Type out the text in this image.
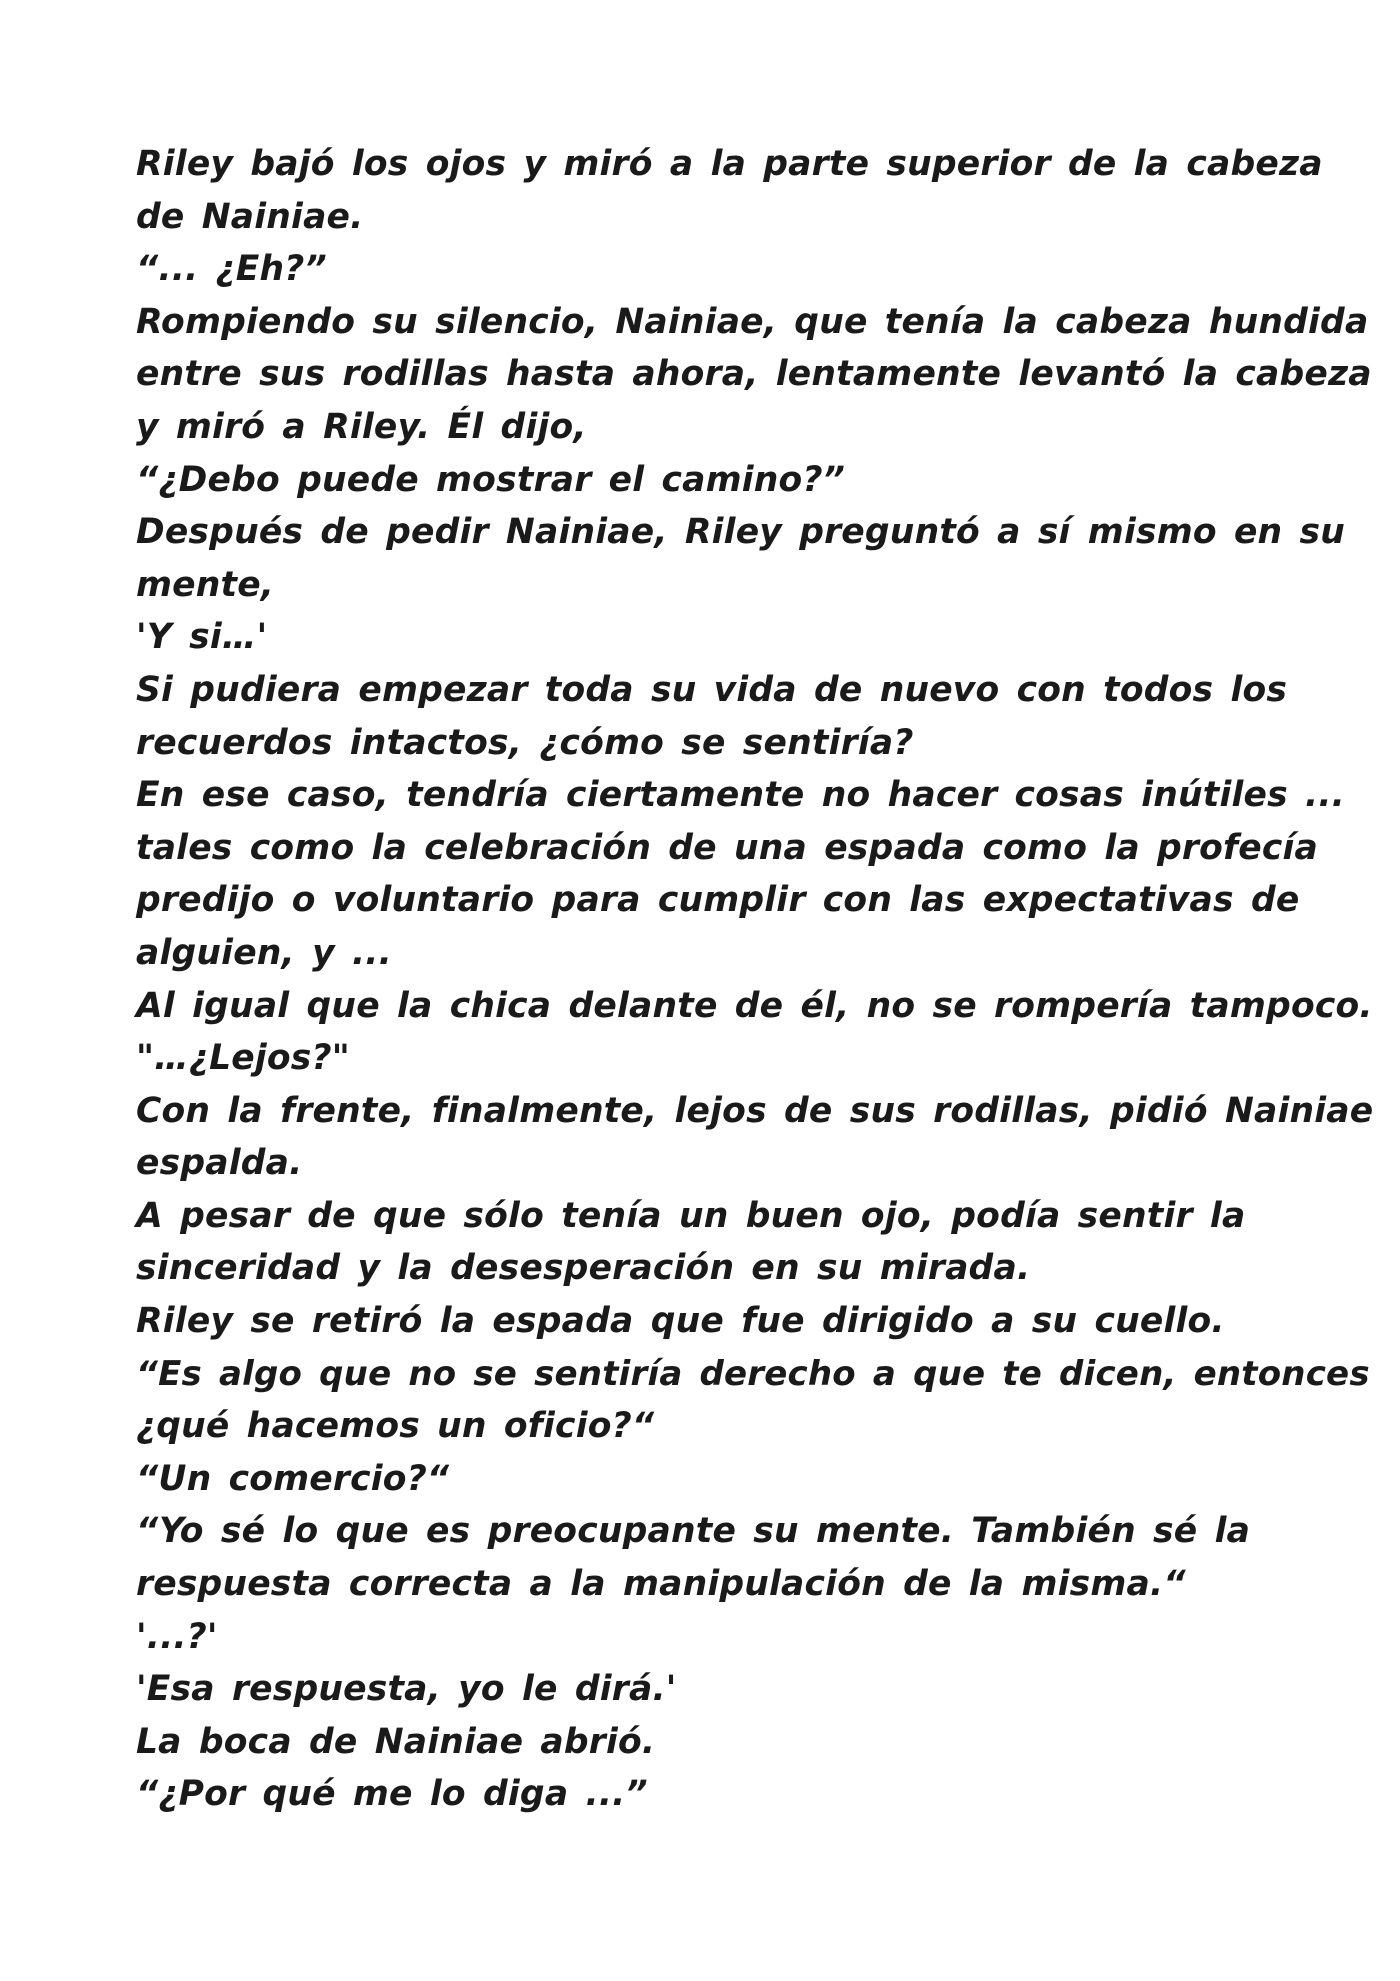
Riley bajó los ojos y miró a la parte superior de la cabeza
de Nainiae.
“... ¿Eh?”
Rompiendo su silencio, Nainiae, que tenía la cabeza hundida
entre sus rodillas hasta ahora, lentamente levantó la cabeza
y miró a Riley. Él dijo,
“¿Debo puede mostrar el camino?”
Después de pedir Nainiae, Riley preguntó a sí mismo en su
mente,
'Y si…'
Si pudiera empezar toda su vida de nuevo con todos los
recuerdos intactos, ¿cómo se sentiría?
En ese caso, tendría ciertamente no hacer cosas inútiles ...
tales como la celebración de una espada como la profecía
predijo o voluntario para cumplir con las expectativas de
alguien, y ...
Al igual que la chica delante de él, no se rompería tampoco.
"…¿Lejos?"
Con la frente, finalmente, lejos de sus rodillas, pidió Nainiae
espalda.
A pesar de que sólo tenía un buen ojo, podía sentir la
sinceridad y la desesperación en su mirada.
Riley se retiró la espada que fue dirigido a su cuello.
“Es algo que no se sentiría derecho a que te dicen, entonces
¿qué hacemos un oficio?“
“Un comercio?“
“Yo sé lo que es preocupante su mente. También sé la
respuesta correcta a la manipulación de la misma.“
'...?'
'Esa respuesta, yo le dirá.'
La boca de Nainiae abrió.
“¿Por qué me lo diga ...”
